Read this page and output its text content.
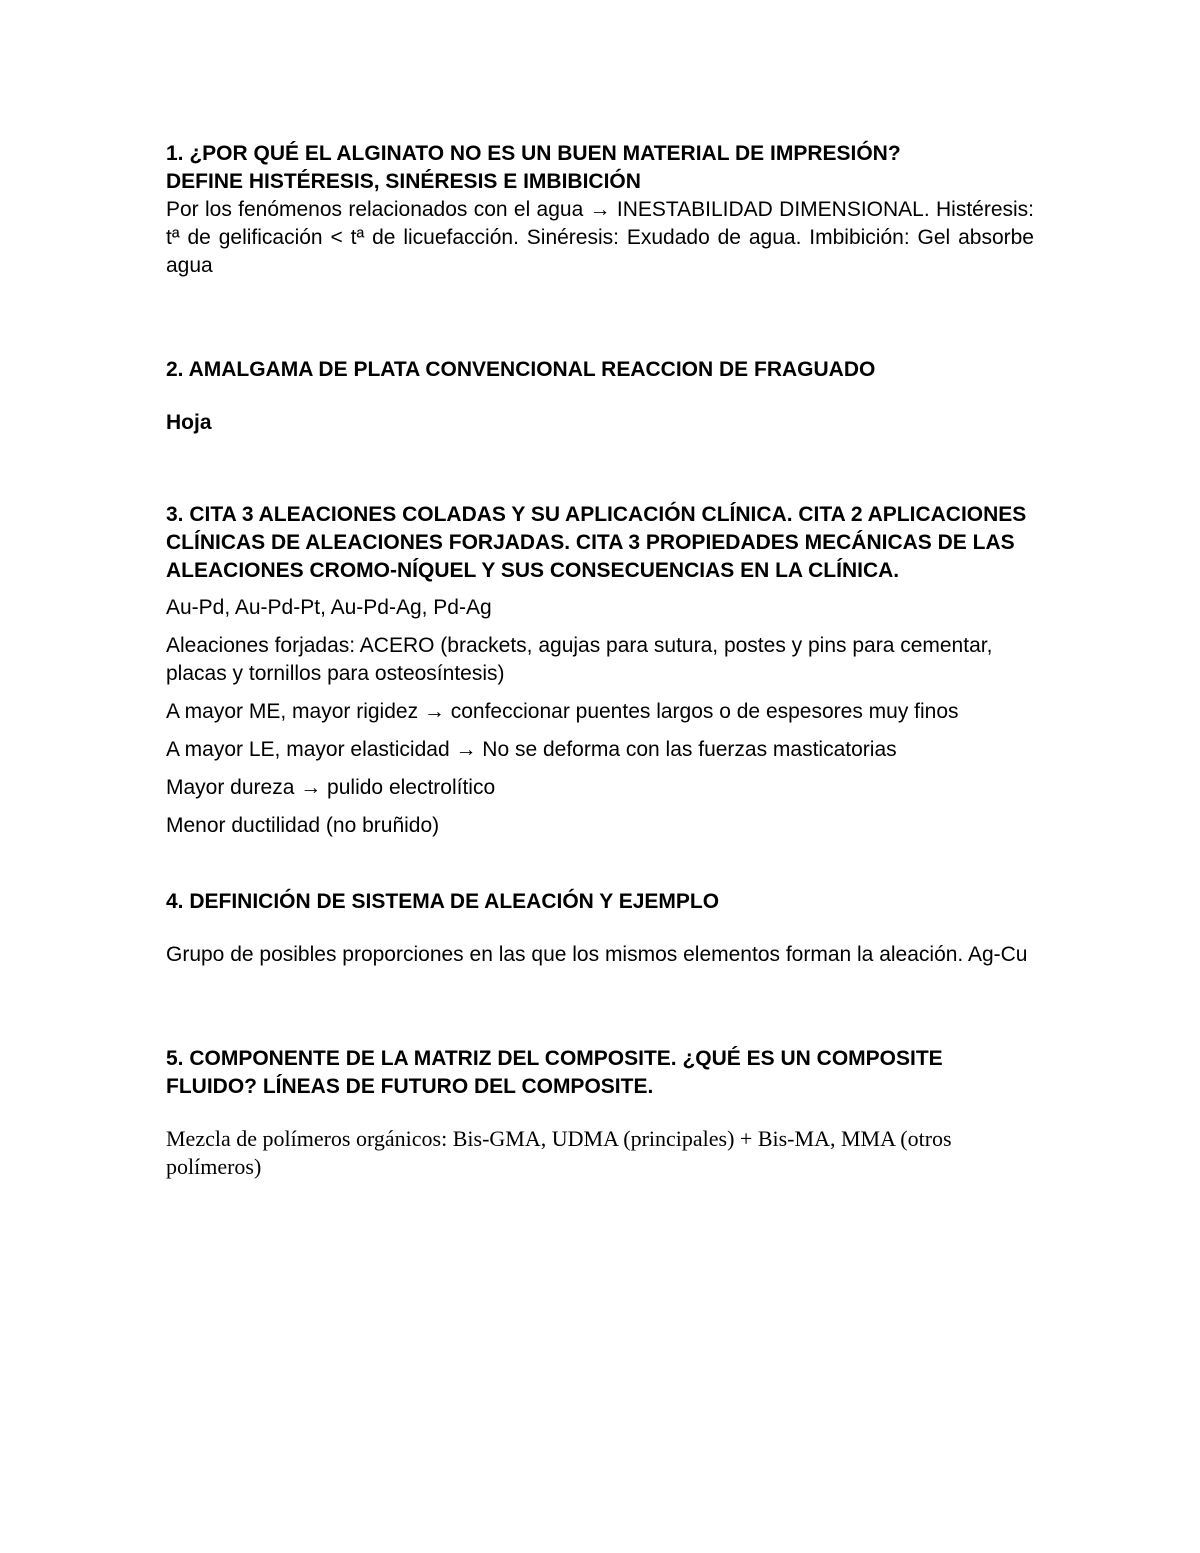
1. ¿POR QUÉ EL ALGINATO NO ES UN BUEN MATERIAL DE IMPRESIÓN?

DEFINE HISTÉRESIS, SINÉRESIS E IMBIBICIÓN

Por los fenómenos relacionados con el agua → INESTABILIDAD DIMENSIONAL. Histéresis: tª de gelificación < tª de licuefacción. Sinéresis: Exudado de agua. Imbibición: Gel absorbe agua

2. AMALGAMA DE PLATA CONVENCIONAL REACCION DE FRAGUADO

Hoja

3. CITA 3 ALEACIONES COLADAS Y SU APLICACIÓN CLÍNICA. CITA 2 APLICACIONES CLÍNICAS DE ALEACIONES FORJADAS. CITA 3 PROPIEDADES MECÁNICAS DE LAS ALEACIONES CROMO-NÍQUEL Y SUS CONSECUENCIAS EN LA CLÍNICA.

Au-Pd, Au-Pd-Pt, Au-Pd-Ag, Pd-Ag

Aleaciones forjadas: ACERO (brackets, agujas para sutura, postes y pins para cementar, placas y tornillos para osteosíntesis)

A mayor ME, mayor rigidez → confeccionar puentes largos o de espesores muy finos

A mayor LE, mayor elasticidad → No se deforma con las fuerzas masticatorias

Mayor dureza → pulido electrolítico

Menor ductilidad (no bruñido)

4. DEFINICIÓN DE SISTEMA DE ALEACIÓN Y EJEMPLO

Grupo de posibles proporciones en las que los mismos elementos forman la aleación. Ag-Cu

5. COMPONENTE DE LA MATRIZ DEL COMPOSITE. ¿QUÉ ES UN COMPOSITE FLUIDO? LÍNEAS DE FUTURO DEL COMPOSITE.

Mezcla de polímeros orgánicos: Bis-GMA, UDMA (principales) + Bis-MA, MMA (otros polímeros)
